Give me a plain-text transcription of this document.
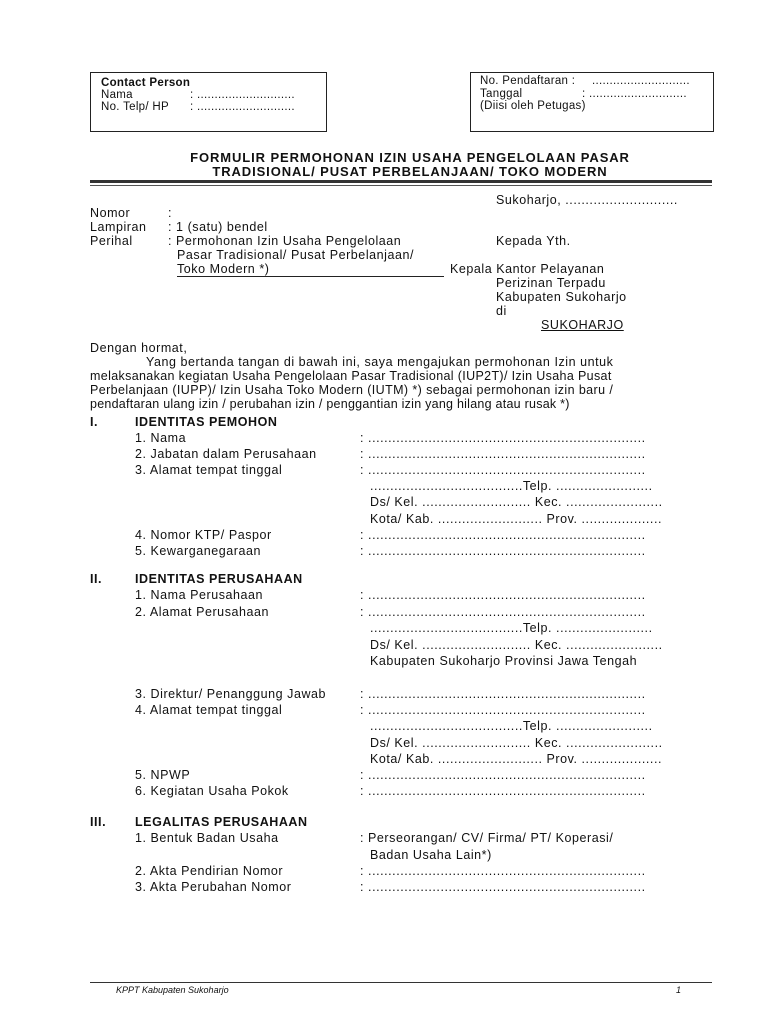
Contact Person
Nama	: ............................
No. Telp/ HP : ............................
No. Pendaftaran : ............................
Tanggal	: ............................
(Diisi oleh Petugas)
FORMULIR PERMOHONAN IZIN USAHA PENGELOLAAN PASAR
TRADISIONAL/ PUSAT PERBELANJAAN/ TOKO MODERN
Sukoharjo, ............................
Nomor	:
Lampiran : 1 (satu) bendel
Perihal	: Permohonan Izin Usaha Pengelolaan
Pasar Tradisional/ Pusat Perbelanjaan/
Toko Modern *)
Kepada Yth.
Kepala Kantor Pelayanan
Perizinan Terpadu
Kabupaten Sukoharjo
di
SUKOHARJO
Dengan hormat,
Yang bertanda tangan di bawah ini, saya mengajukan permohonan Izin untuk
melaksanakan kegiatan Usaha Pengelolaan Pasar Tradisional (IUP2T)/ Izin Usaha Pusat
Perbelanjaan (IUPP)/ Izin Usaha Toko Modern (IUTM) *) sebagai permohonan izin baru /
pendaftaran ulang izin / perubahan izin / penggantian izin yang hilang atau rusak *)
I.	IDENTITAS PEMOHON
1. Nama	: .....................................................................
2. Jabatan dalam Perusahaan	: .....................................................................
3. Alamat tempat tinggal	: .....................................................................
......................................Telp. ........................
Ds/ Kel. ........................... Kec. ........................
Kota/ Kab. .......................... Prov. ....................
4. Nomor KTP/ Paspor	: .....................................................................
5. Kewarganegaraan	: .....................................................................
II.	IDENTITAS PERUSAHAAN
1. Nama Perusahaan	: .....................................................................
2. Alamat Perusahaan	: .....................................................................
......................................Telp. ........................
Ds/ Kel. ........................... Kec. ........................
Kabupaten Sukoharjo Provinsi Jawa Tengah
3. Direktur/ Penanggung Jawab	: .....................................................................
4. Alamat tempat tinggal	: .....................................................................
......................................Telp. ........................
Ds/ Kel. ........................... Kec. ........................
Kota/ Kab. .......................... Prov. ....................
5. NPWP	: .....................................................................
6. Kegiatan Usaha Pokok	: .....................................................................
III. LEGALITAS PERUSAHAAN
1. Bentuk Badan Usaha	: Perseorangan/ CV/ Firma/ PT/ Koperasi/
Badan Usaha Lain*)
2. Akta Pendirian Nomor	: .....................................................................
3. Akta Perubahan Nomor	: .....................................................................
KPPT Kabupaten Sukoharjo	1
